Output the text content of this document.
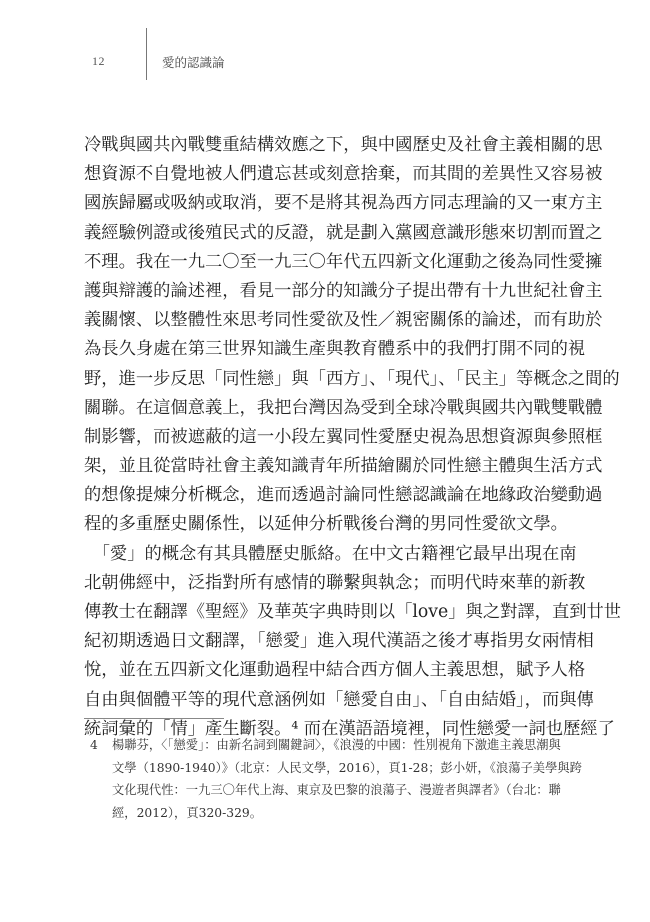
12	愛的認識論
冷戰與國共內戰雙重結構效應之下，與中國歷史及社會主義相關的思
想資源不自覺地被人們遺忘甚或刻意捨棄，而其間的差異性又容易被
國族歸屬或吸納或取消，要不是將其視為西方同志理論的又一東方主
義經驗例證或後殖民式的反證，就是劃入黨國意識形態來切割而置之
不理。我在一九二〇至一九三〇年代五四新文化運動之後為同性愛擁
護與辯護的論述裡，看見一部分的知識分子提出帶有十九世紀社會主
義關懷、以整體性來思考同性愛欲及性／親密關係的論述，而有助於
為長久身處在第三世界知識生產與教育體系中的我們打開不同的視
野，進一步反思「同性戀」與「西方」、「現代」、「民主」等概念之間的
關聯。在這個意義上，我把台灣因為受到全球冷戰與國共內戰雙戰體
制影響，而被遮蔽的這一小段左翼同性愛歷史視為思想資源與參照框
架，並且從當時社會主義知識青年所描繪關於同性戀主體與生活方式
的想像提煉分析概念，進而透過討論同性戀認識論在地緣政治變動過
程的多重歷史關係性，以延伸分析戰後台灣的男同性愛欲文學。
　「愛」的概念有其具體歷史脈絡。在中文古籍裡它最早出現在南
北朝佛經中，泛指對所有感情的聯繫與執念；而明代時來華的新教
傳教士在翻譯《聖經》及華英字典時則以「love」與之對譯，直到廿世
紀初期透過日文翻譯，「戀愛」進入現代漢語之後才專指男女兩情相
悅，並在五四新文化運動過程中結合西方個人主義思想，賦予人格
自由與個體平等的現代意涵例如「戀愛自由」、「自由結婚」，而與傳
統詞彙的「情」產生斷裂。⁴ 而在漢語語境裡，同性戀愛一詞也歷經了
4 楊聯芬，〈「戀愛」：由新名詞到關鍵詞〉，《浪漫的中國：性別視角下激進主義思潮與
文學（1890-1940）》（北京：人民文學，2016），頁1-28；彭小妍，《浪蕩子美學與跨
文化現代性：一九三〇年代上海、東京及巴黎的浪蕩子、漫遊者與譯者》（台北：聯
經，2012），頁320-329。
